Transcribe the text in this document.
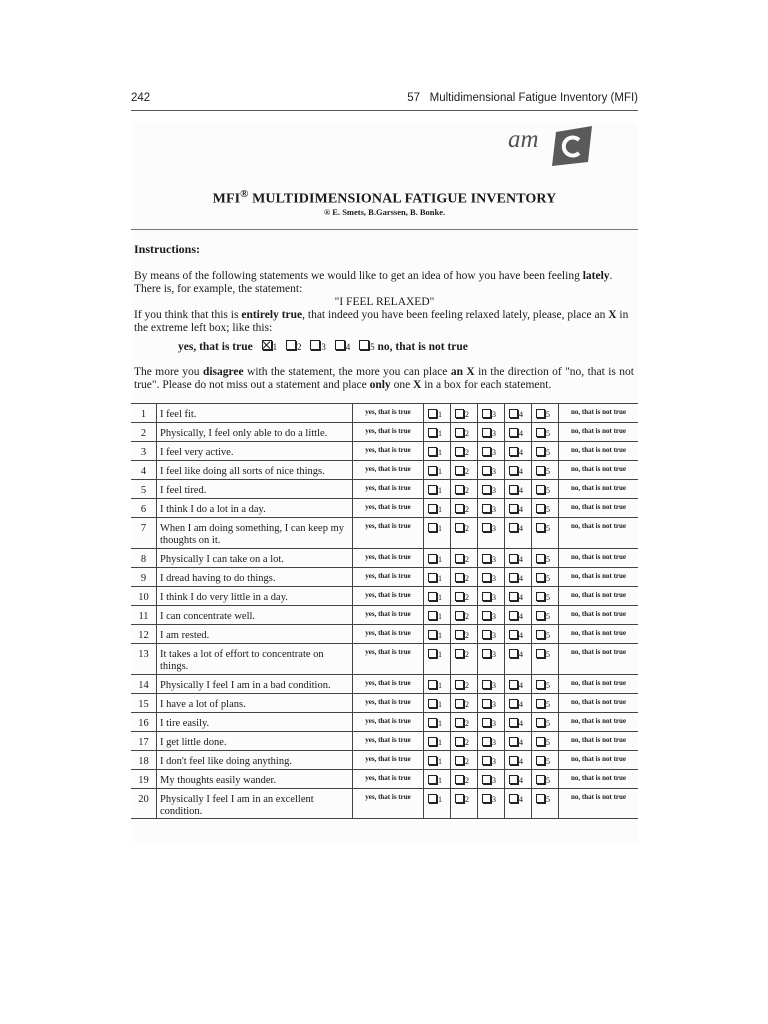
242	57 Multidimensional Fatigue Inventory (MFI)
am
MFI® MULTIDIMENSIONAL FATIGUE INVENTORY
® E. Smets, B.Garssen, B. Bonke.
Instructions:
By means of the following statements we would like to get an idea of how you have been feeling lately. There is, for example, the statement:
"I FEEL RELAXED"
If you think that this is entirely true, that indeed you have been feeling relaxed lately, please, place an X in the extreme left box; like this:
yes, that is true 1 2 3 4 5 no, that is not true
The more you disagree with the statement, the more you can place an X in the direction of "no, that is not true". Please do not miss out a statement and place only one X in a box for each statement.
1	I feel fit.	yes, that is true	1	2	3	4	5	no, that is not true
2	Physically, I feel only able to do a little.	yes, that is true	1	2	3	4	5	no, that is not true
3	I feel very active.	yes, that is true	1	2	3	4	5	no, that is not true
4	I feel like doing all sorts of nice things.	yes, that is true	1	2	3	4	5	no, that is not true
5	I feel tired.	yes, that is true	1	2	3	4	5	no, that is not true
6	I think I do a lot in a day.	yes, that is true	1	2	3	4	5	no, that is not true
7	When I am doing something, I can keep my thoughts on it.	yes, that is true	1	2	3	4	5	no, that is not true
8	Physically I can take on a lot.	yes, that is true	1	2	3	4	5	no, that is not true
9	I dread having to do things.	yes, that is true	1	2	3	4	5	no, that is not true
10	I think I do very little in a day.	yes, that is true	1	2	3	4	5	no, that is not true
11	I can concentrate well.	yes, that is true	1	2	3	4	5	no, that is not true
12	I am rested.	yes, that is true	1	2	3	4	5	no, that is not true
13	It takes a lot of effort to concentrate on things.	yes, that is true	1	2	3	4	5	no, that is not true
14	Physically I feel I am in a bad condition.	yes, that is true	1	2	3	4	5	no, that is not true
15	I have a lot of plans.	yes, that is true	1	2	3	4	5	no, that is not true
16	I tire easily.	yes, that is true	1	2	3	4	5	no, that is not true
17	I get little done.	yes, that is true	1	2	3	4	5	no, that is not true
18	I don't feel like doing anything.	yes, that is true	1	2	3	4	5	no, that is not true
19	My thoughts easily wander.	yes, that is true	1	2	3	4	5	no, that is not true
20	Physically I feel I am in an excellent condition.	yes, that is true	1	2	3	4	5	no, that is not true
